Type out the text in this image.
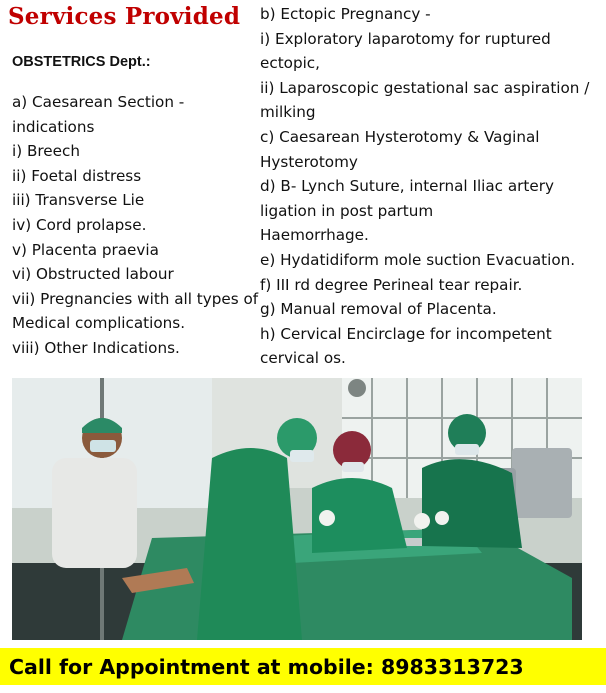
Services Provided

OBSTETRICS Dept.:

a) Caesarean Section - indications
i) Breech
ii) Foetal distress
iii) Transverse Lie
iv) Cord prolapse.
v) Placenta praevia
vi) Obstructed labour
vii) Pregnancies with all types of Medical complications.
viii) Other Indications.
b) Ectopic Pregnancy -
i) Exploratory laparotomy for ruptured ectopic,
ii) Laparoscopic gestational sac aspiration / milking
c) Caesarean Hysterotomy & Vaginal Hysterotomy
d) B- Lynch Suture, internal Iliac artery ligation in post partum
Haemorrhage.
e) Hydatidiform mole suction Evacuation.
f) III rd degree Perineal tear repair.
g) Manual removal of Placenta.
h) Cervical Encirclage for incompetent cervical os.
Call for Appointment at mobile: 8983313723
